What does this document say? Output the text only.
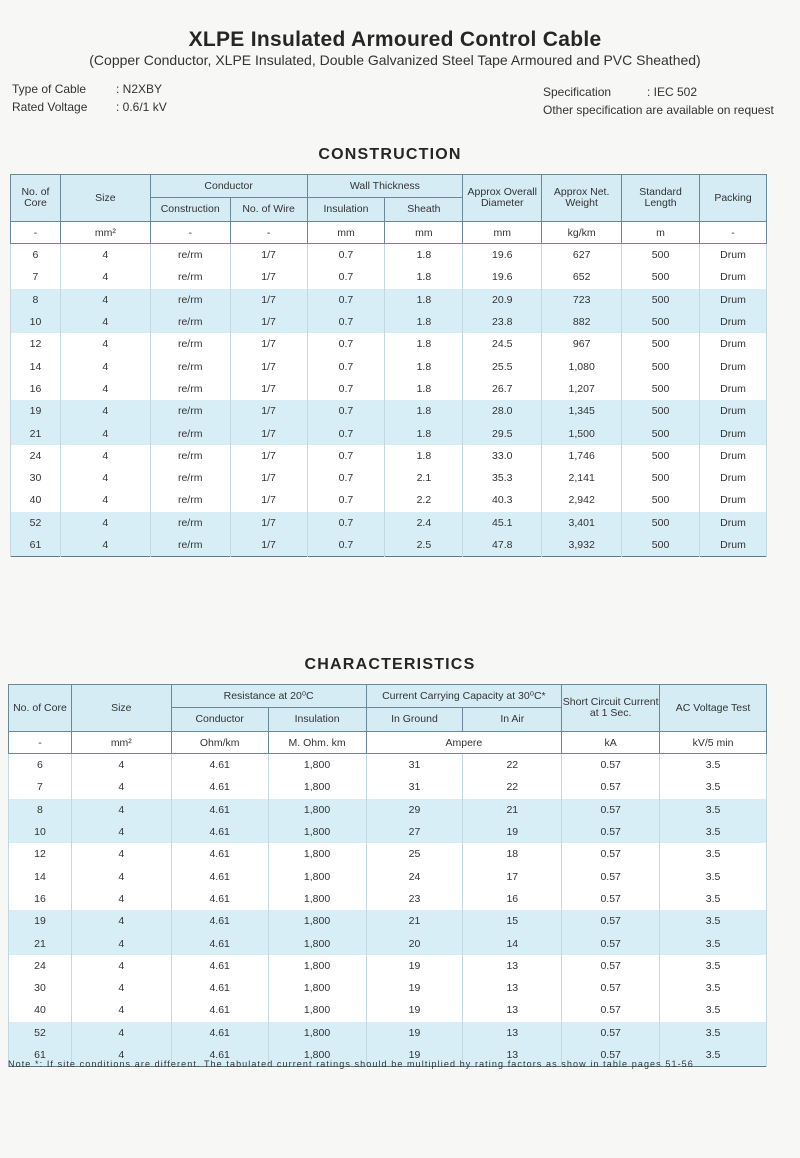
XLPE Insulated Armoured Control Cable
(Copper Conductor, XLPE Insulated, Double Galvanized Steel Tape Armoured and PVC Sheathed)
Type of Cable	: N2XBY
Rated Voltage	: 0.6/1 kV
Specification	: IEC 502
Other specification are available on request
CONSTRUCTION
No. of Core	Size	Conductor		Wall Thickness		Approx Overall Diameter	Approx Net. Weight	Standard Length	Packing
		Construction	No. of Wire	Insulation	Sheath				
-	mm²	-	-	mm	mm	mm	kg/km	m	-
6	4	re/rm	1/7	0.7	1.8	19.6	627	500	Drum
7	4	re/rm	1/7	0.7	1.8	19.6	652	500	Drum
8	4	re/rm	1/7	0.7	1.8	20.9	723	500	Drum
10	4	re/rm	1/7	0.7	1.8	23.8	882	500	Drum
12	4	re/rm	1/7	0.7	1.8	24.5	967	500	Drum
14	4	re/rm	1/7	0.7	1.8	25.5	1,080	500	Drum
16	4	re/rm	1/7	0.7	1.8	26.7	1,207	500	Drum
19	4	re/rm	1/7	0.7	1.8	28.0	1,345	500	Drum
21	4	re/rm	1/7	0.7	1.8	29.5	1,500	500	Drum
24	4	re/rm	1/7	0.7	1.8	33.0	1,746	500	Drum
30	4	re/rm	1/7	0.7	2.1	35.3	2,141	500	Drum
40	4	re/rm	1/7	0.7	2.2	40.3	2,942	500	Drum
52	4	re/rm	1/7	0.7	2.4	45.1	3,401	500	Drum
61	4	re/rm	1/7	0.7	2.5	47.8	3,932	500	Drum
CHARACTERISTICS
No. of Core	Size	Resistance at 20⁰C		Current Carrying Capacity at 30⁰C*		Short Circuit Current at 1 Sec.	AC Voltage Test
		Conductor	Insulation	In Ground	In Air		
-	mm²	Ohm/km	M. Ohm. km	Ampere		kA	kV/5 min
6	4	4.61	1,800	31	22	0.57	3.5
7	4	4.61	1,800	31	22	0.57	3.5
8	4	4.61	1,800	29	21	0.57	3.5
10	4	4.61	1,800	27	19	0.57	3.5
12	4	4.61	1,800	25	18	0.57	3.5
14	4	4.61	1,800	24	17	0.57	3.5
16	4	4.61	1,800	23	16	0.57	3.5
19	4	4.61	1,800	21	15	0.57	3.5
21	4	4.61	1,800	20	14	0.57	3.5
24	4	4.61	1,800	19	13	0.57	3.5
30	4	4.61	1,800	19	13	0.57	3.5
40	4	4.61	1,800	19	13	0.57	3.5
52	4	4.61	1,800	19	13	0.57	3.5
61	4	4.61	1,800	19	13	0.57	3.5
Note *: If site conditions are different. The tabulated current ratings should be multiplied by rating factors as show in table pages 51-56
